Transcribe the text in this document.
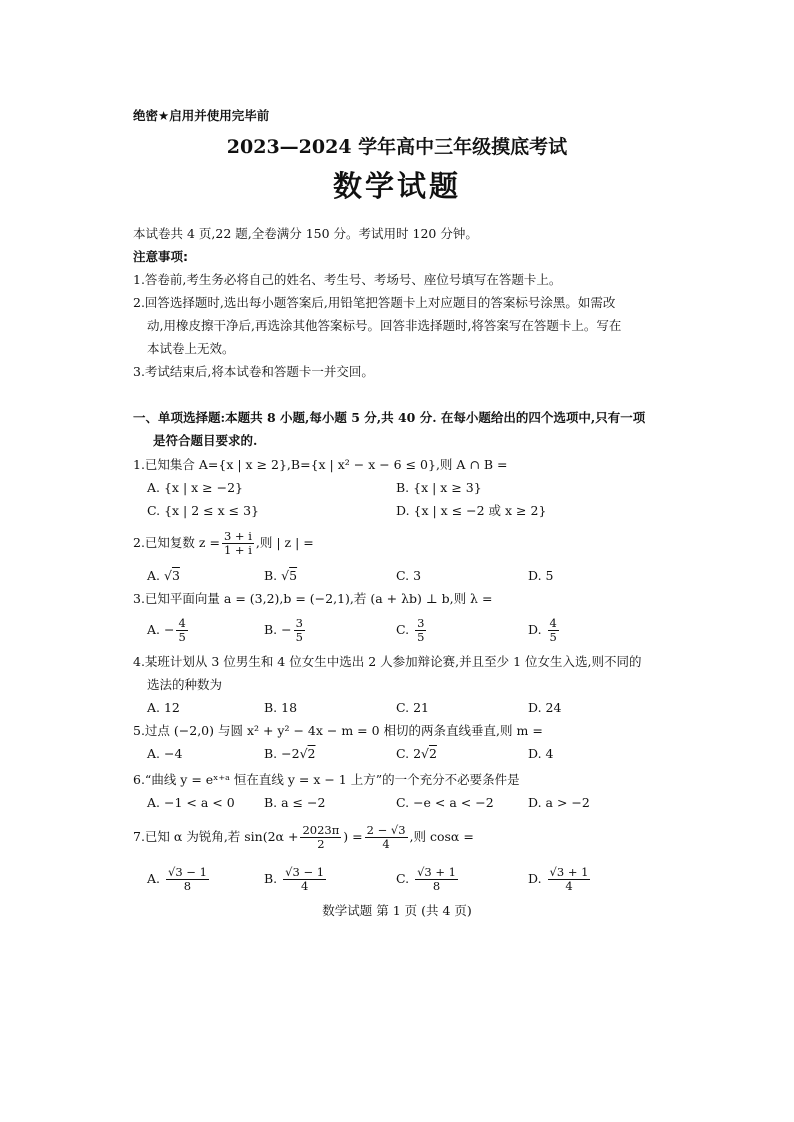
绝密★启用并使用完毕前
2023—2024 学年高中三年级摸底考试
数学试题
本试卷共 4 页,22 题,全卷满分 150 分。考试用时 120 分钟。
注意事项:
1.答卷前,考生务必将自己的姓名、考生号、考场号、座位号填写在答题卡上。
2.回答选择题时,选出每小题答案后,用铅笔把答题卡上对应题目的答案标号涂黑。如需改
动,用橡皮擦干净后,再选涂其他答案标号。回答非选择题时,将答案写在答题卡上。写在
本试卷上无效。
3.考试结束后,将本试卷和答题卡一并交回。
一、单项选择题:本题共 8 小题,每小题 5 分,共 40 分. 在每小题给出的四个选项中,只有一项
是符合题目要求的.
1.已知集合 A={x | x ≥ 2},B={x | x² − x − 6 ≤ 0},则 A ∩ B =
A. {x | x ≥ −2}	B. {x | x ≥ 3}
C. {x | 2 ≤ x ≤ 3}	D. {x | x ≤ −2 或 x ≥ 2}
2.已知复数 $z = \frac{3 + i}{1 + i}$ ,则 | z | =
A. √3	B. √5	C. 3	D. 5
3.已知平面向量 a = (3,2),b = (−2,1),若 (a + λb) ⊥ b,则 λ =
A. − $\frac{4}{5}$	B. − $\frac{3}{5}$	C. $\frac{3}{5}$	D. $\frac{4}{5}$
4.某班计划从 3 位男生和 4 位女生中选出 2 人参加辩论赛,并且至少 1 位女生入选,则不同的
选法的种数为
A. 12	B. 18	C. 21	D. 24
5.过点 (−2,0) 与圆 x² + y² − 4x − m = 0 相切的两条直线垂直,则 m =
A. −4	B. −2√2	C. 2√2	D. 4
6.“曲线 y = eˣ⁺ᵃ 恒在直线 y = x − 1 上方”的一个充分不必要条件是
A. −1 < a < 0 B. a ≤ −2	C. −e < a < −2	D. a > −2
7.已知 α 为锐角,若 $\sin(2\alpha + \frac{2023\pi}{2}$ ) = $\frac{2 - √3}{4}$ ,则 cosα =
A. $\frac{√3 - 1}{8}$	B. $\frac{√3 - 1}{4}$	C. $\frac{√3 + 1}{8}$	D. $\frac{√3 + 1}{4}$
数学试题 第 1 页 (共 4 页)
